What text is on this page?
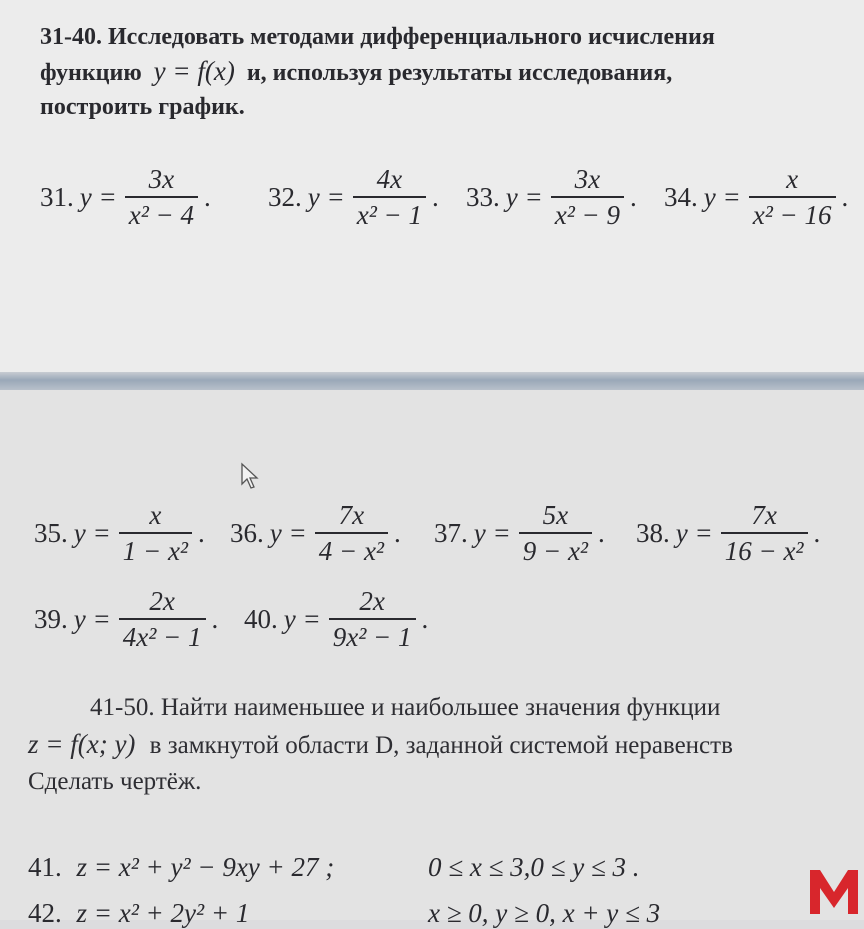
31-40. Исследовать методами дифференциального исчисления
функцию y = f(x) и, используя результаты исследования,
построить график.
31. $y = \frac{3x}{\text{x² − 4}}$ . 32. $y = \frac{4x}{\text{x² − 1}}$ . 33. $y = \frac{3x}{\text{x² − 9}}$ . 34. $y = \frac{x}{\text{x² − 16}}$ .
35. $y = \frac{x}{\text{1 − x²}}$ . 36. $y = \frac{7x}{\text{4 − x²}}$ . 37. $y = \frac{5x}{\text{9 − x²}}$ . 38. $y = \frac{7x}{\text{16 − x²}}$ .
39. $y = \frac{2x}{\text{4x² − 1}}$ . 40. $y = \frac{2x}{\text{9x² − 1}}$ .
41-50. Найти наименьшее и наибольшее значения функции
z = f(x; y) в замкнутой области D, заданной системой неравенств
Сделать чертёж.
41. z = x² + y² − 9xy + 27 ;	0 ≤ x ≤ 3,0 ≤ y ≤ 3 .
42. z = x² + 2y² + 1	x ≥ 0, y ≥ 0, x + y ≤ 3
